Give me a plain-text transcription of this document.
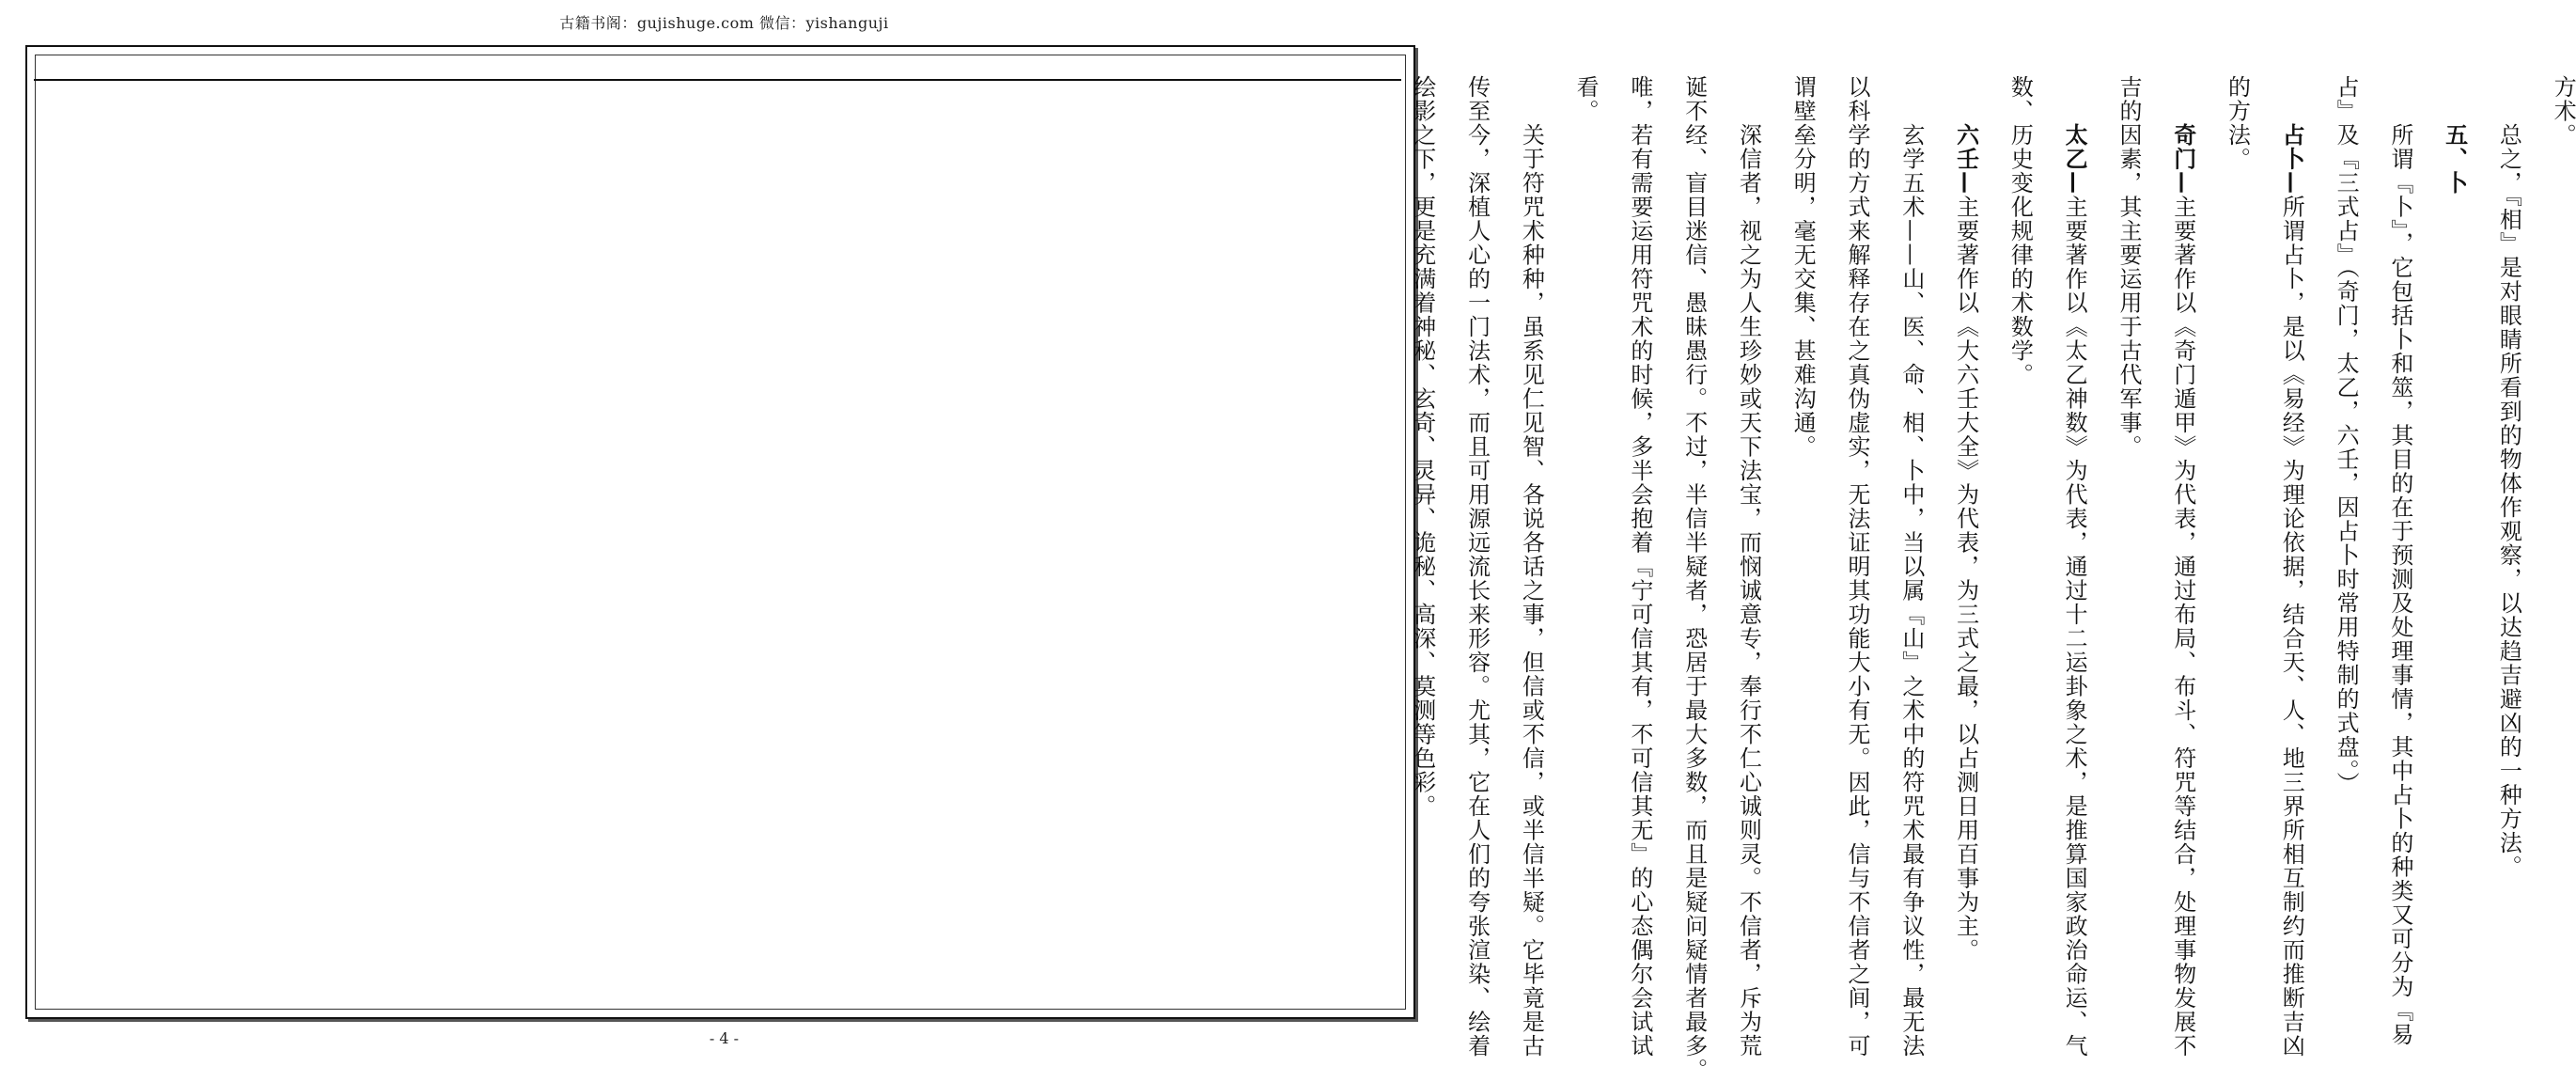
古籍书阁：gujishuge.com 微信：yishanguji
方术。
　　总之，『相』是对眼睛所看到的物体作观察，以达趋吉避凶的一种方法。
　　五、卜
　　所谓『卜』，它包括卜和筮，其目的在于预测及处理事情，其中占卜的种类又可分为『易
占』及『三式占』（奇门，太乙，六壬，因占卜时常用特制的式盘。）
　　占卜—所谓占卜，是以《易经》为理论依据，结合天、人、地三界所相互制约而推断吉凶
的方法。
　　奇门—主要著作以《奇门遁甲》为代表，通过布局、布斗、符咒等结合，处理事物发展不
吉的因素，其主要运用于古代军事。
　　太乙—主要著作以《太乙神数》为代表，通过十二运卦象之术，是推算国家政治命运、气
数、历史变化规律的术数学。
　　六壬—主要著作以《大六壬大全》为代表，为三式之最，以占测日用百事为主。
　　玄学五术——山、医、命、相、卜中，当以属『山』之术中的符咒术最有争议性，最无法
以科学的方式来解释存在之真伪虚实，无法证明其功能大小有无。因此，信与不信者之间，可
谓壁垒分明，毫无交集、甚难沟通。
　　深信者，视之为人生珍妙或天下法宝，而悯诚意专，奉行不仁心诚则灵。不信者，斥为荒
诞不经、盲目迷信、愚昧愚行。不过，半信半疑者，恐居于最大多数，而且是疑问疑情者最多。
唯，若有需要运用符咒术的时候，多半会抱着『宁可信其有，不可信其无』的心态偶尔会试试
看。
　　关于符咒术种种，虽系见仁见智、各说各话之事，但信或不信，或半信半疑。它毕竟是古
传至今，深植人心的一门法术，而且可用源远流长来形容。尤其，它在人们的夸张渲染、绘着
绘影之下，更是充满着神秘、玄奇、灵异、诡秘、高深、莫测等色彩。
- 4 -
